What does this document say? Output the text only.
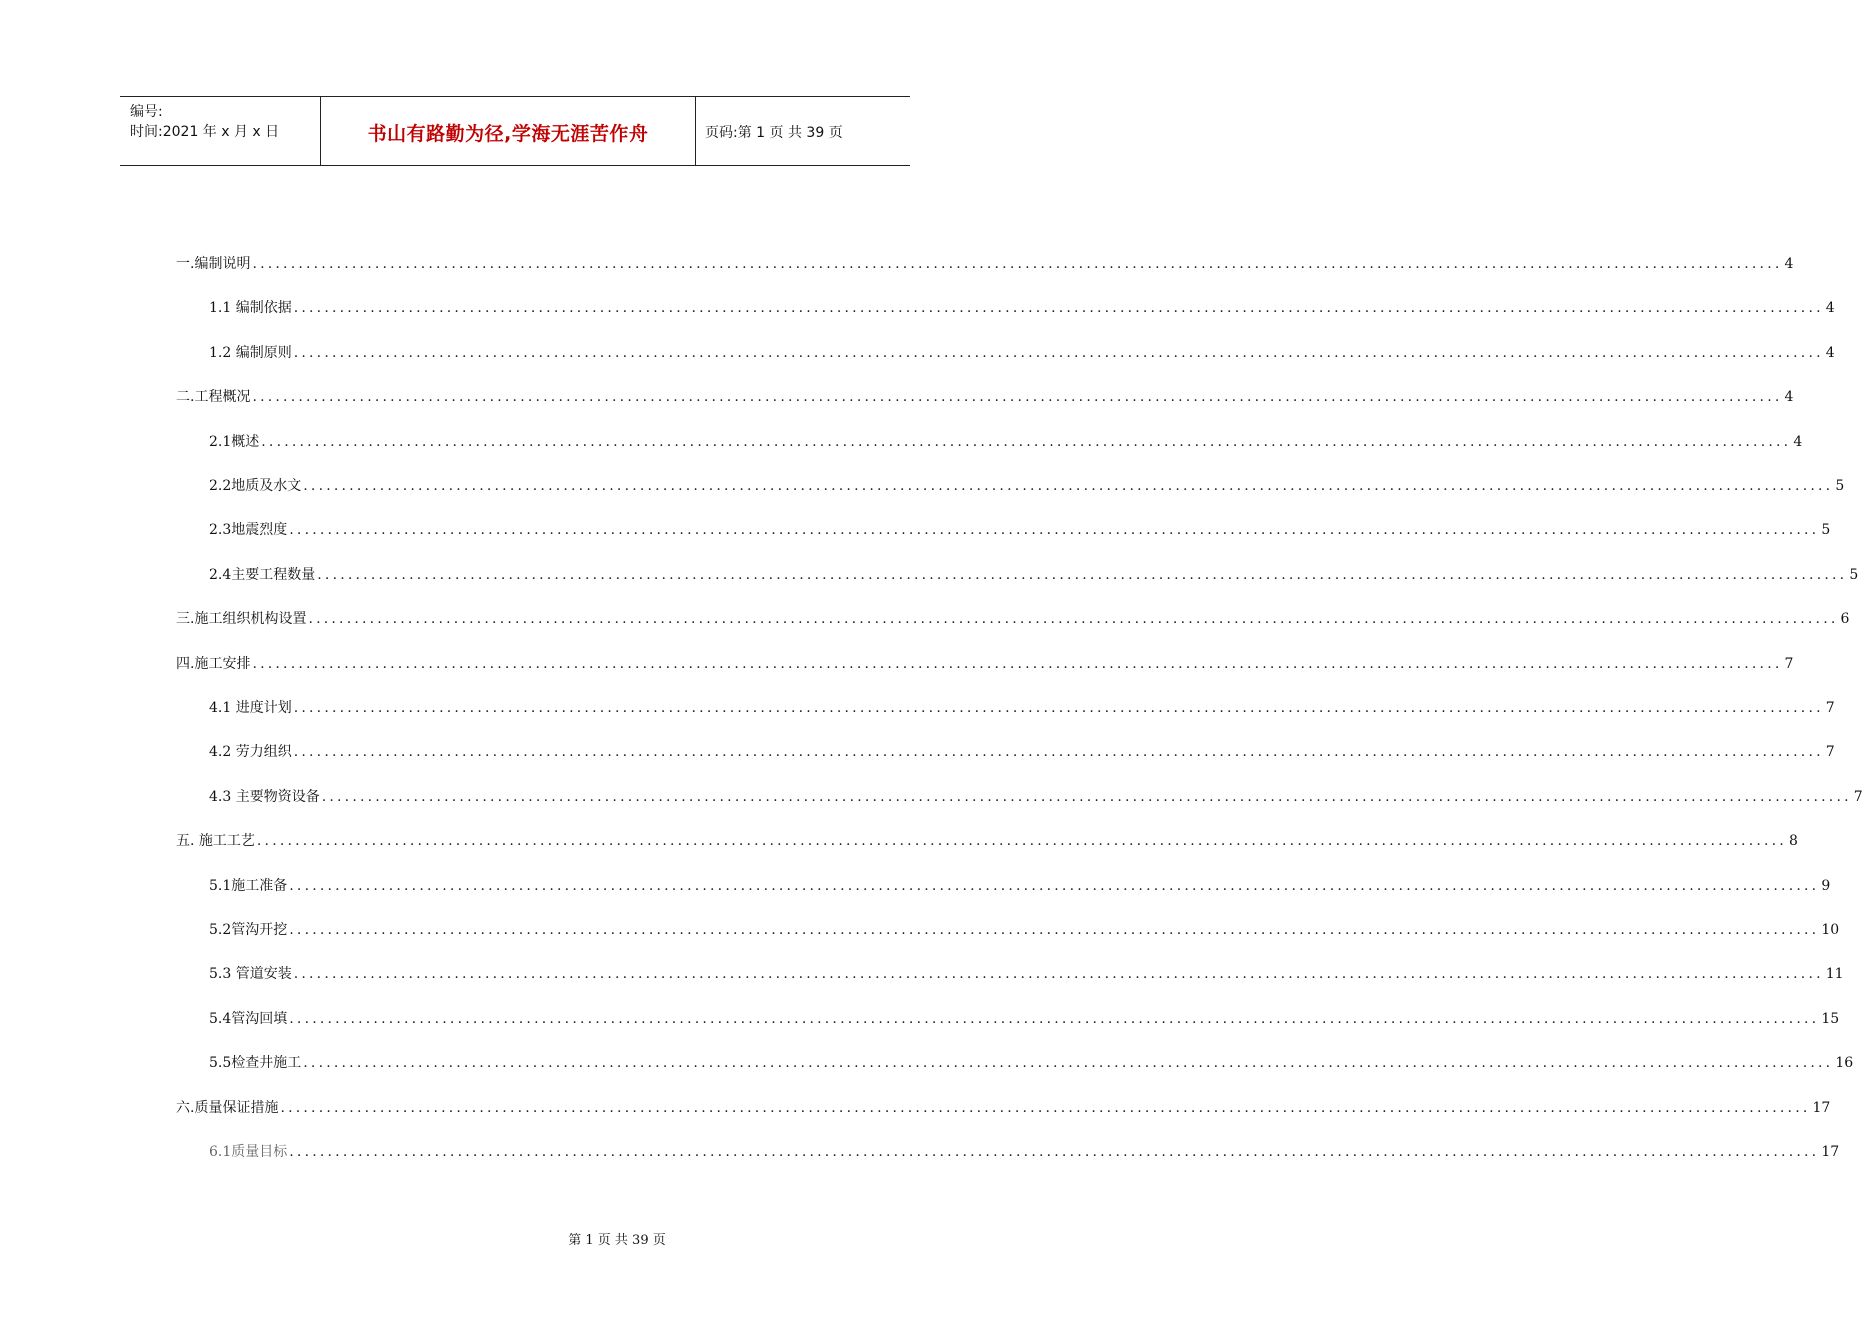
编号:
时间:2021 年 x 月 x 日	书山有路勤为径,学海无涯苦作舟	页码:第 1 页 共 39 页
一.编制说明 ........................................................................................................................................................................................................ 4
1.1 编制依据 ........................................................................................................................................................................................................ 4
1.2 编制原则 ........................................................................................................................................................................................................ 4
二.工程概况 ........................................................................................................................................................................................................ 4
2.1概述 ........................................................................................................................................................................................................ 4
2.2地质及水文 ........................................................................................................................................................................................................ 5
2.3地震烈度 ........................................................................................................................................................................................................ 5
2.4主要工程数量 ........................................................................................................................................................................................................ 5
三.施工组织机构设置 ........................................................................................................................................................................................................ 6
四.施工安排 ........................................................................................................................................................................................................ 7
4.1 进度计划 ........................................................................................................................................................................................................ 7
4.2 劳力组织 ........................................................................................................................................................................................................ 7
4.3 主要物资设备 ........................................................................................................................................................................................................ 7
五. 施工工艺 ........................................................................................................................................................................................................ 8
5.1施工准备 ........................................................................................................................................................................................................ 9
5.2管沟开挖 ........................................................................................................................................................................................................ 10
5.3 管道安装 ........................................................................................................................................................................................................ 11
5.4管沟回填 ........................................................................................................................................................................................................ 15
5.5检查井施工 ........................................................................................................................................................................................................ 16
六.质量保证措施 ........................................................................................................................................................................................................ 17
6.1质量目标 ........................................................................................................................................................................................................ 17
第 1 页 共 39 页
